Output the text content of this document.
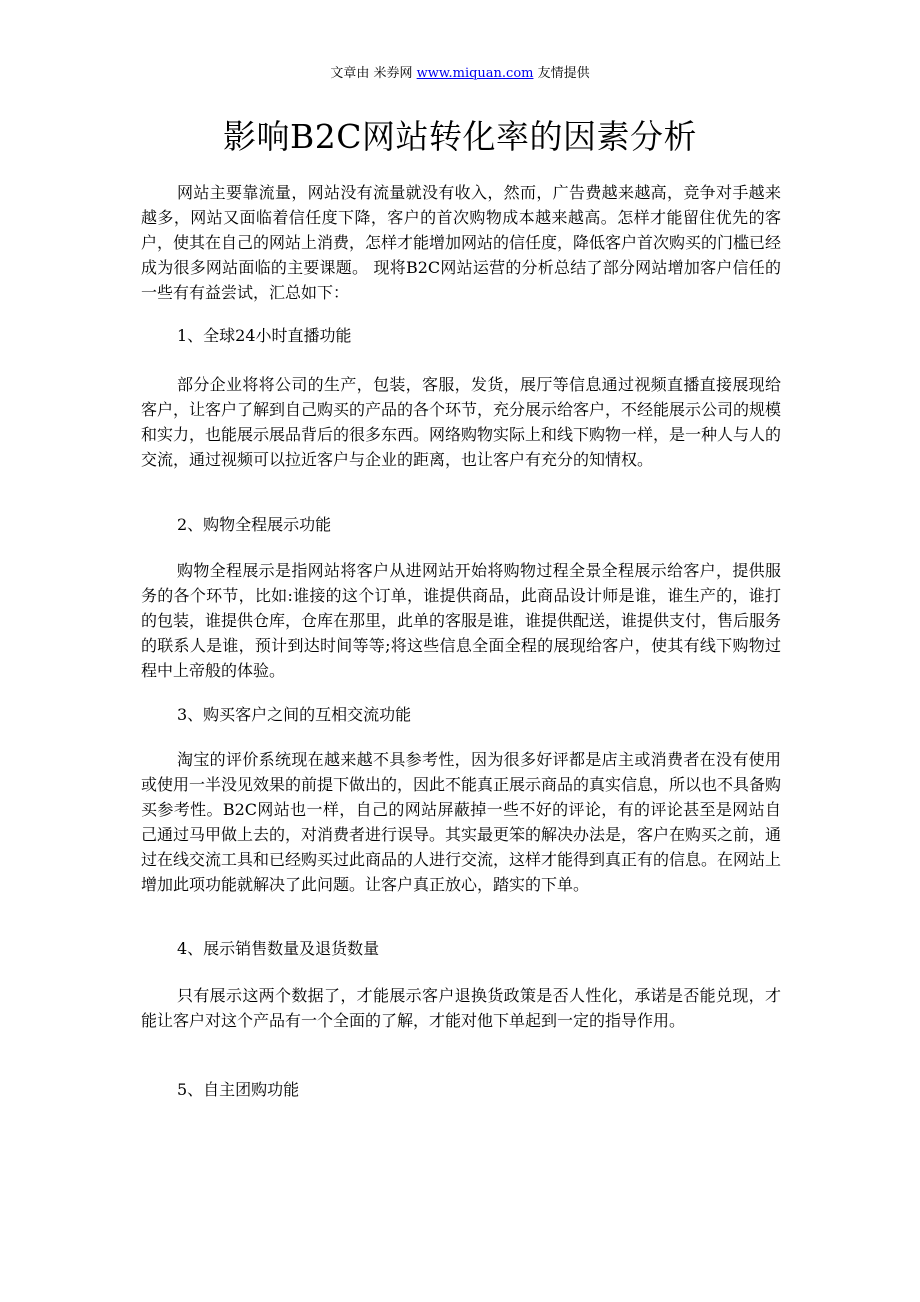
文章由 米券网 www.miquan.com 友情提供
影响B2C网站转化率的因素分析

网站主要靠流量，网站没有流量就没有收入，然而，广告费越来越高，竞争对手越来越多，网站又面临着信任度下降，客户的首次购物成本越来越高。怎样才能留住优先的客户，使其在自己的网站上消费，怎样才能增加网站的信任度，降低客户首次购买的门槛已经成为很多网站面临的主要课题。 现将B2C网站运营的分析总结了部分网站增加客户信任的一些有有益尝试，汇总如下：

1、全球24小时直播功能

部分企业将将公司的生产，包装，客服，发货，展厅等信息通过视频直播直接展现给客户，让客户了解到自己购买的产品的各个环节，充分展示给客户，不经能展示公司的规模和实力，也能展示展品背后的很多东西。网络购物实际上和线下购物一样，是一种人与人的交流，通过视频可以拉近客户与企业的距离，也让客户有充分的知情权。

2、购物全程展示功能

购物全程展示是指网站将客户从进网站开始将购物过程全景全程展示给客户，提供服务的各个环节，比如:谁接的这个订单，谁提供商品，此商品设计师是谁，谁生产的，谁打的包装，谁提供仓库，仓库在那里，此单的客服是谁，谁提供配送，谁提供支付，售后服务的联系人是谁，预计到达时间等等;将这些信息全面全程的展现给客户，使其有线下购物过程中上帝般的体验。

3、购买客户之间的互相交流功能

淘宝的评价系统现在越来越不具参考性，因为很多好评都是店主或消费者在没有使用或使用一半没见效果的前提下做出的，因此不能真正展示商品的真实信息，所以也不具备购买参考性。B2C网站也一样，自己的网站屏蔽掉一些不好的评论，有的评论甚至是网站自己通过马甲做上去的，对消费者进行误导。其实最更笨的解决办法是，客户在购买之前，通过在线交流工具和已经购买过此商品的人进行交流，这样才能得到真正有的信息。在网站上增加此项功能就解决了此问题。让客户真正放心，踏实的下单。

4、展示销售数量及退货数量

只有展示这两个数据了，才能展示客户退换货政策是否人性化，承诺是否能兑现，才能让客户对这个产品有一个全面的了解，才能对他下单起到一定的指导作用。

5、自主团购功能
